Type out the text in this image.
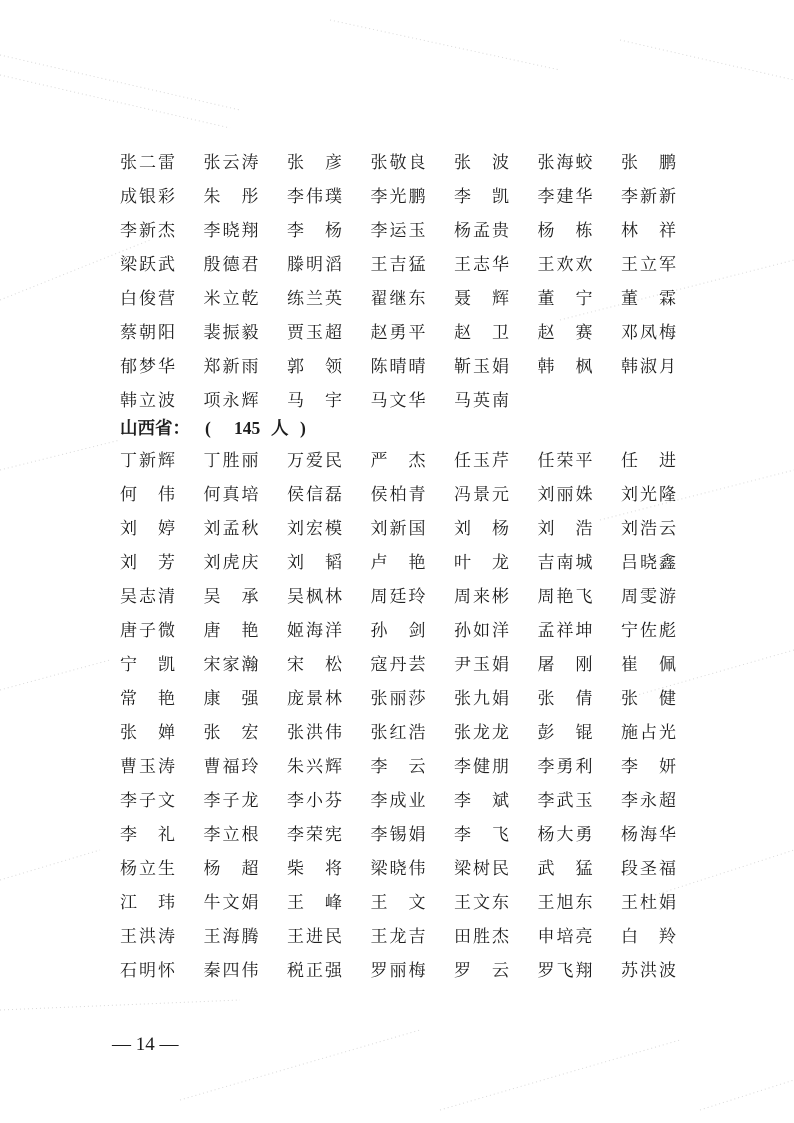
张 二 雷 张 云 涛 张
彦 张 敬 良 张
波 张 海 蛟 张
鹏
成 银 彩 朱
彤 李 伟 璞 李 光 鹏 李
凯 李 建 华 李 新 新
李 新 杰 李 晓 翔 李
杨 李 运 玉 杨 孟 贵 杨
栋 林
祥
梁 跃 武 殷 德 君 滕 明 滔 王 吉 猛 王 志 华 王 欢 欢 王 立 军
白 俊 营 米 立 乾 练 兰 英 翟 继 东 聂
辉 董
宁 董
霖
蔡 朝 阳 裴 振 毅 贾 玉 超 赵 勇 平 赵
卫 赵
赛 邓 凤 梅
郁 梦 华 郑 新 雨 郭
领 陈 晴 晴 靳 玉 娟 韩
枫 韩 淑 月
韩 立 波 项 永 辉 马
宇 马 文 华 马 英 南
山西省： ( 145 人 )
丁 新 辉 丁 胜 丽 万 爱 民 严
杰 任 玉 芹 任 荣 平 任
进
何
伟 何 真 培 侯 信 磊 侯 柏 青 冯 景 元 刘 丽 姝 刘 光 隆
刘
婷 刘 孟 秋 刘 宏 模 刘 新 国 刘
杨 刘
浩 刘 浩 云
刘
芳 刘 虎 庆 刘
韬 卢
艳 叶
龙 吉 南 城 吕 晓 鑫
吴 志 清 吴
承 吴 枫 林 周 廷 玲 周 来 彬 周 艳 飞 周 雯 游
唐 子 微 唐
艳 姬 海 洋 孙
剑 孙 如 洋 孟 祥 坤 宁 佐 彪
宁
凯 宋 家 瀚 宋
松 寇 丹 芸 尹 玉 娟 屠
刚 崔
佩
常
艳 康
强 庞 景 林 张 丽 莎 张 九 娟 张
倩 张
健
张
婵 张
宏 张 洪 伟 张 红 浩 张 龙 龙 彭
锟 施 占 光
曹 玉 涛 曹 福 玲 朱 兴 辉 李
云 李 健 朋 李 勇 利 李
妍
李 子 文 李 子 龙 李 小 芬 李 成 业 李
斌 李 武 玉 李 永 超
李
礼 李 立 根 李 荣 宪 李 锡 娟 李
飞 杨 大 勇 杨 海 华
杨 立 生 杨
超 柴
将 梁 晓 伟 梁 树 民 武
猛 段 圣 福
江
玮 牛 文 娟 王
峰 王
文 王 文 东 王 旭 东 王 杜 娟
王 洪 涛 王 海 腾 王 进 民 王 龙 吉 田 胜 杰 申 培 亮 白
羚
石 明 怀 秦 四 伟 税 正 强 罗 丽 梅 罗
云 罗 飞 翔 苏 洪 波
— 14 —
